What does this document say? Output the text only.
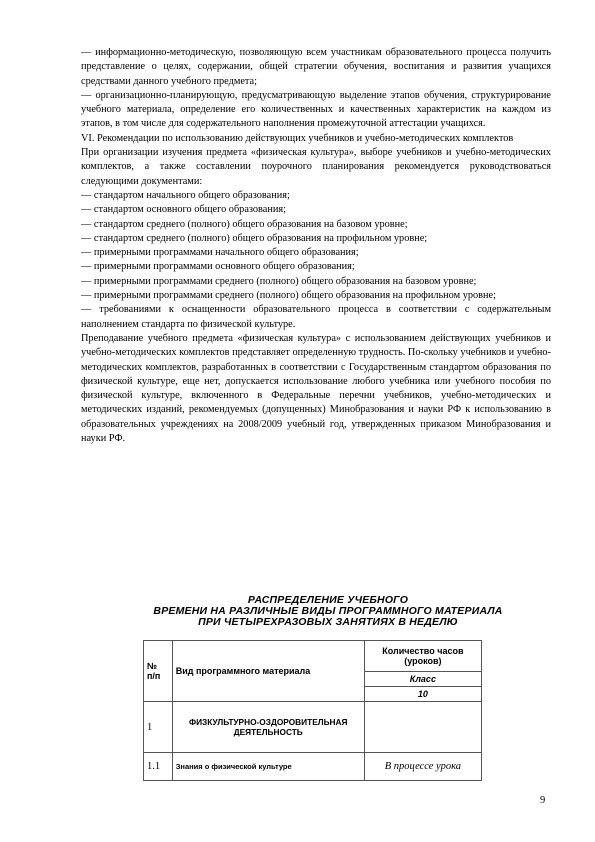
— информационно-методическую, позволяющую всем участникам образовательного процесса получить представление о целях, содержании, общей стратегии обучения, воспитания и развития учащихся средствами данного учебного предмета;

— организационно-планирующую, предусматривающую выделение этапов обучения, структурирование учебного материала, определение его количественных и качественных характеристик на каждом из этапов, в том числе для содержательного наполнения промежуточной аттестации учащихся.

VI. Рекомендации по использованию действующих учебников и учебно-методических комплектов

При организации изучения предмета «физическая культура», выборе учебников и учебно-методических комплектов, а также составлении поурочного планирования рекомендуется руководствоваться следующими документами:

— стандартом начального общего образования;

— стандартом основного общего образования;

— стандартом среднего (полного) общего образования на базовом уровне;

— стандартом среднего (полного) общего образования на профильном уровне;

— примерными программами начального общего образования;

— примерными программами основного общего образования;

— примерными программами среднего (полного) общего образования на базовом уровне;

— примерными программами среднего (полного) общего образования на профильном уровне;

— требованиями к оснащенности образовательного процесса в соответствии с содержательным наполнением стандарта по физической культуре.

Преподавание учебного предмета «физическая культура» с использованием действующих учебников и учебно-методических комплектов представляет определенную трудность. По-скольку учебников и учебно-методических комплектов, разработанных в соответствии с Государственным стандартом образования по физической культуре, еще нет, допускается использование любого учебника или учебного пособия по физической культуре, включенного в Федеральные перечни учебников, учебно-методических и методических изданий, рекомендуемых (допущенных) Минобразования и науки РФ к использованию в образовательных учреждениях на 2008/2009 учебный год, утвержденных приказом Минобразования и науки РФ.

РАСПРЕДЕЛЕНИЕ УЧЕБНОГО
ВРЕМЕНИ НА РАЗЛИЧНЫЕ ВИДЫ ПРОГРАММНОГО МАТЕРИАЛА
ПРИ ЧЕТЫРЕХРАЗОВЫХ ЗАНЯТИЯХ В НЕДЕЛЮ
№
п/п	Вид программного материала	Количество часов (уроков)
		Класс
		10
1	ФИЗКУЛЬТУРНО-ОЗДОРОВИТЕЛЬНАЯ ДЕЯТЕЛЬНОСТЬ	
1.1	Знания о физической культуре	В процессе урока
9
